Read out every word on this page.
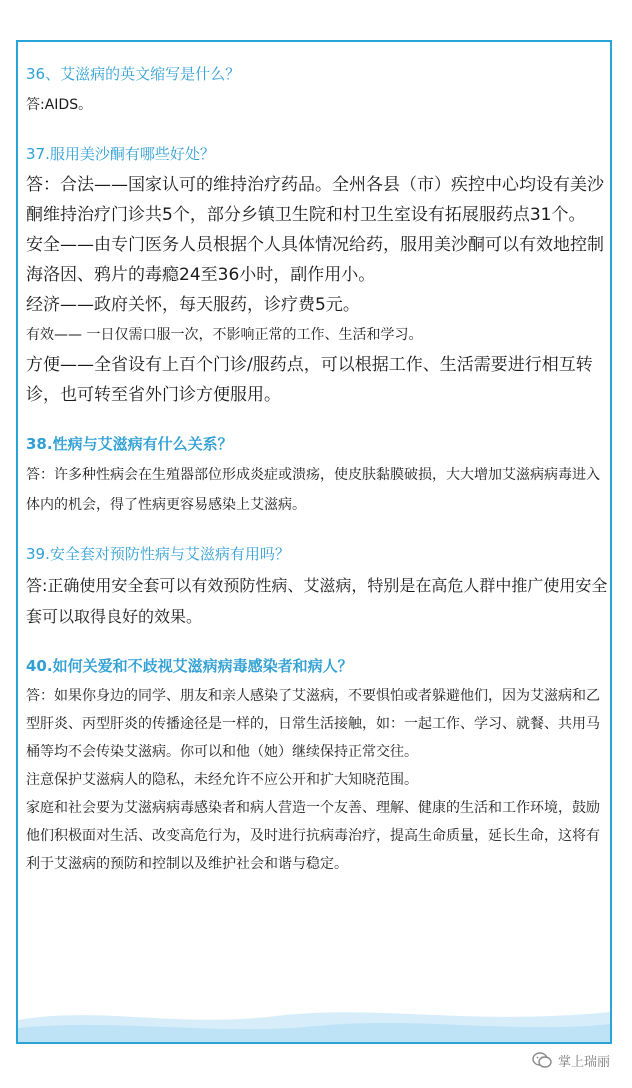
36、艾滋病的英文缩写是什么？

答:AIDS。

37.服用美沙酮有哪些好处？

答：合法——国家认可的维持治疗药品。全州各县（市）疾控中心均设有美沙酮维持治疗门诊共5个，部分乡镇卫生院和村卫生室设有拓展服药点31个。

安全——由专门医务人员根据个人具体情况给药，服用美沙酮可以有效地控制海洛因、鸦片的毒瘾24至36小时，副作用小。

经济——政府关怀，每天服药，诊疗费5元。

有效—— 一日仅需口服一次，不影响正常的工作、生活和学习。

方便——全省设有上百个门诊/服药点，可以根据工作、生活需要进行相互转诊，也可转至省外门诊方便服用。

38.性病与艾滋病有什么关系？

答：许多种性病会在生殖器部位形成炎症或溃疡，使皮肤黏膜破损，大大增加艾滋病病毒进入体内的机会，得了性病更容易感染上艾滋病。

39.安全套对预防性病与艾滋病有用吗？

答:正确使用安全套可以有效预防性病、艾滋病，特别是在高危人群中推广使用安全套可以取得良好的效果。

40.如何关爱和不歧视艾滋病病毒感染者和病人？

答：如果你身边的同学、朋友和亲人感染了艾滋病，不要惧怕或者躲避他们，因为艾滋病和乙型肝炎、丙型肝炎的传播途径是一样的，日常生活接触，如：一起工作、学习、就餐、共用马桶等均不会传染艾滋病。你可以和他（她）继续保持正常交往。

注意保护艾滋病人的隐私，未经允许不应公开和扩大知晓范围。

家庭和社会要为艾滋病病毒感染者和病人营造一个友善、理解、健康的生活和工作环境，鼓励他们积极面对生活、改变高危行为，及时进行抗病毒治疗，提高生命质量，延长生命，这将有利于艾滋病的预防和控制以及维护社会和谐与稳定。

掌上瑞丽
